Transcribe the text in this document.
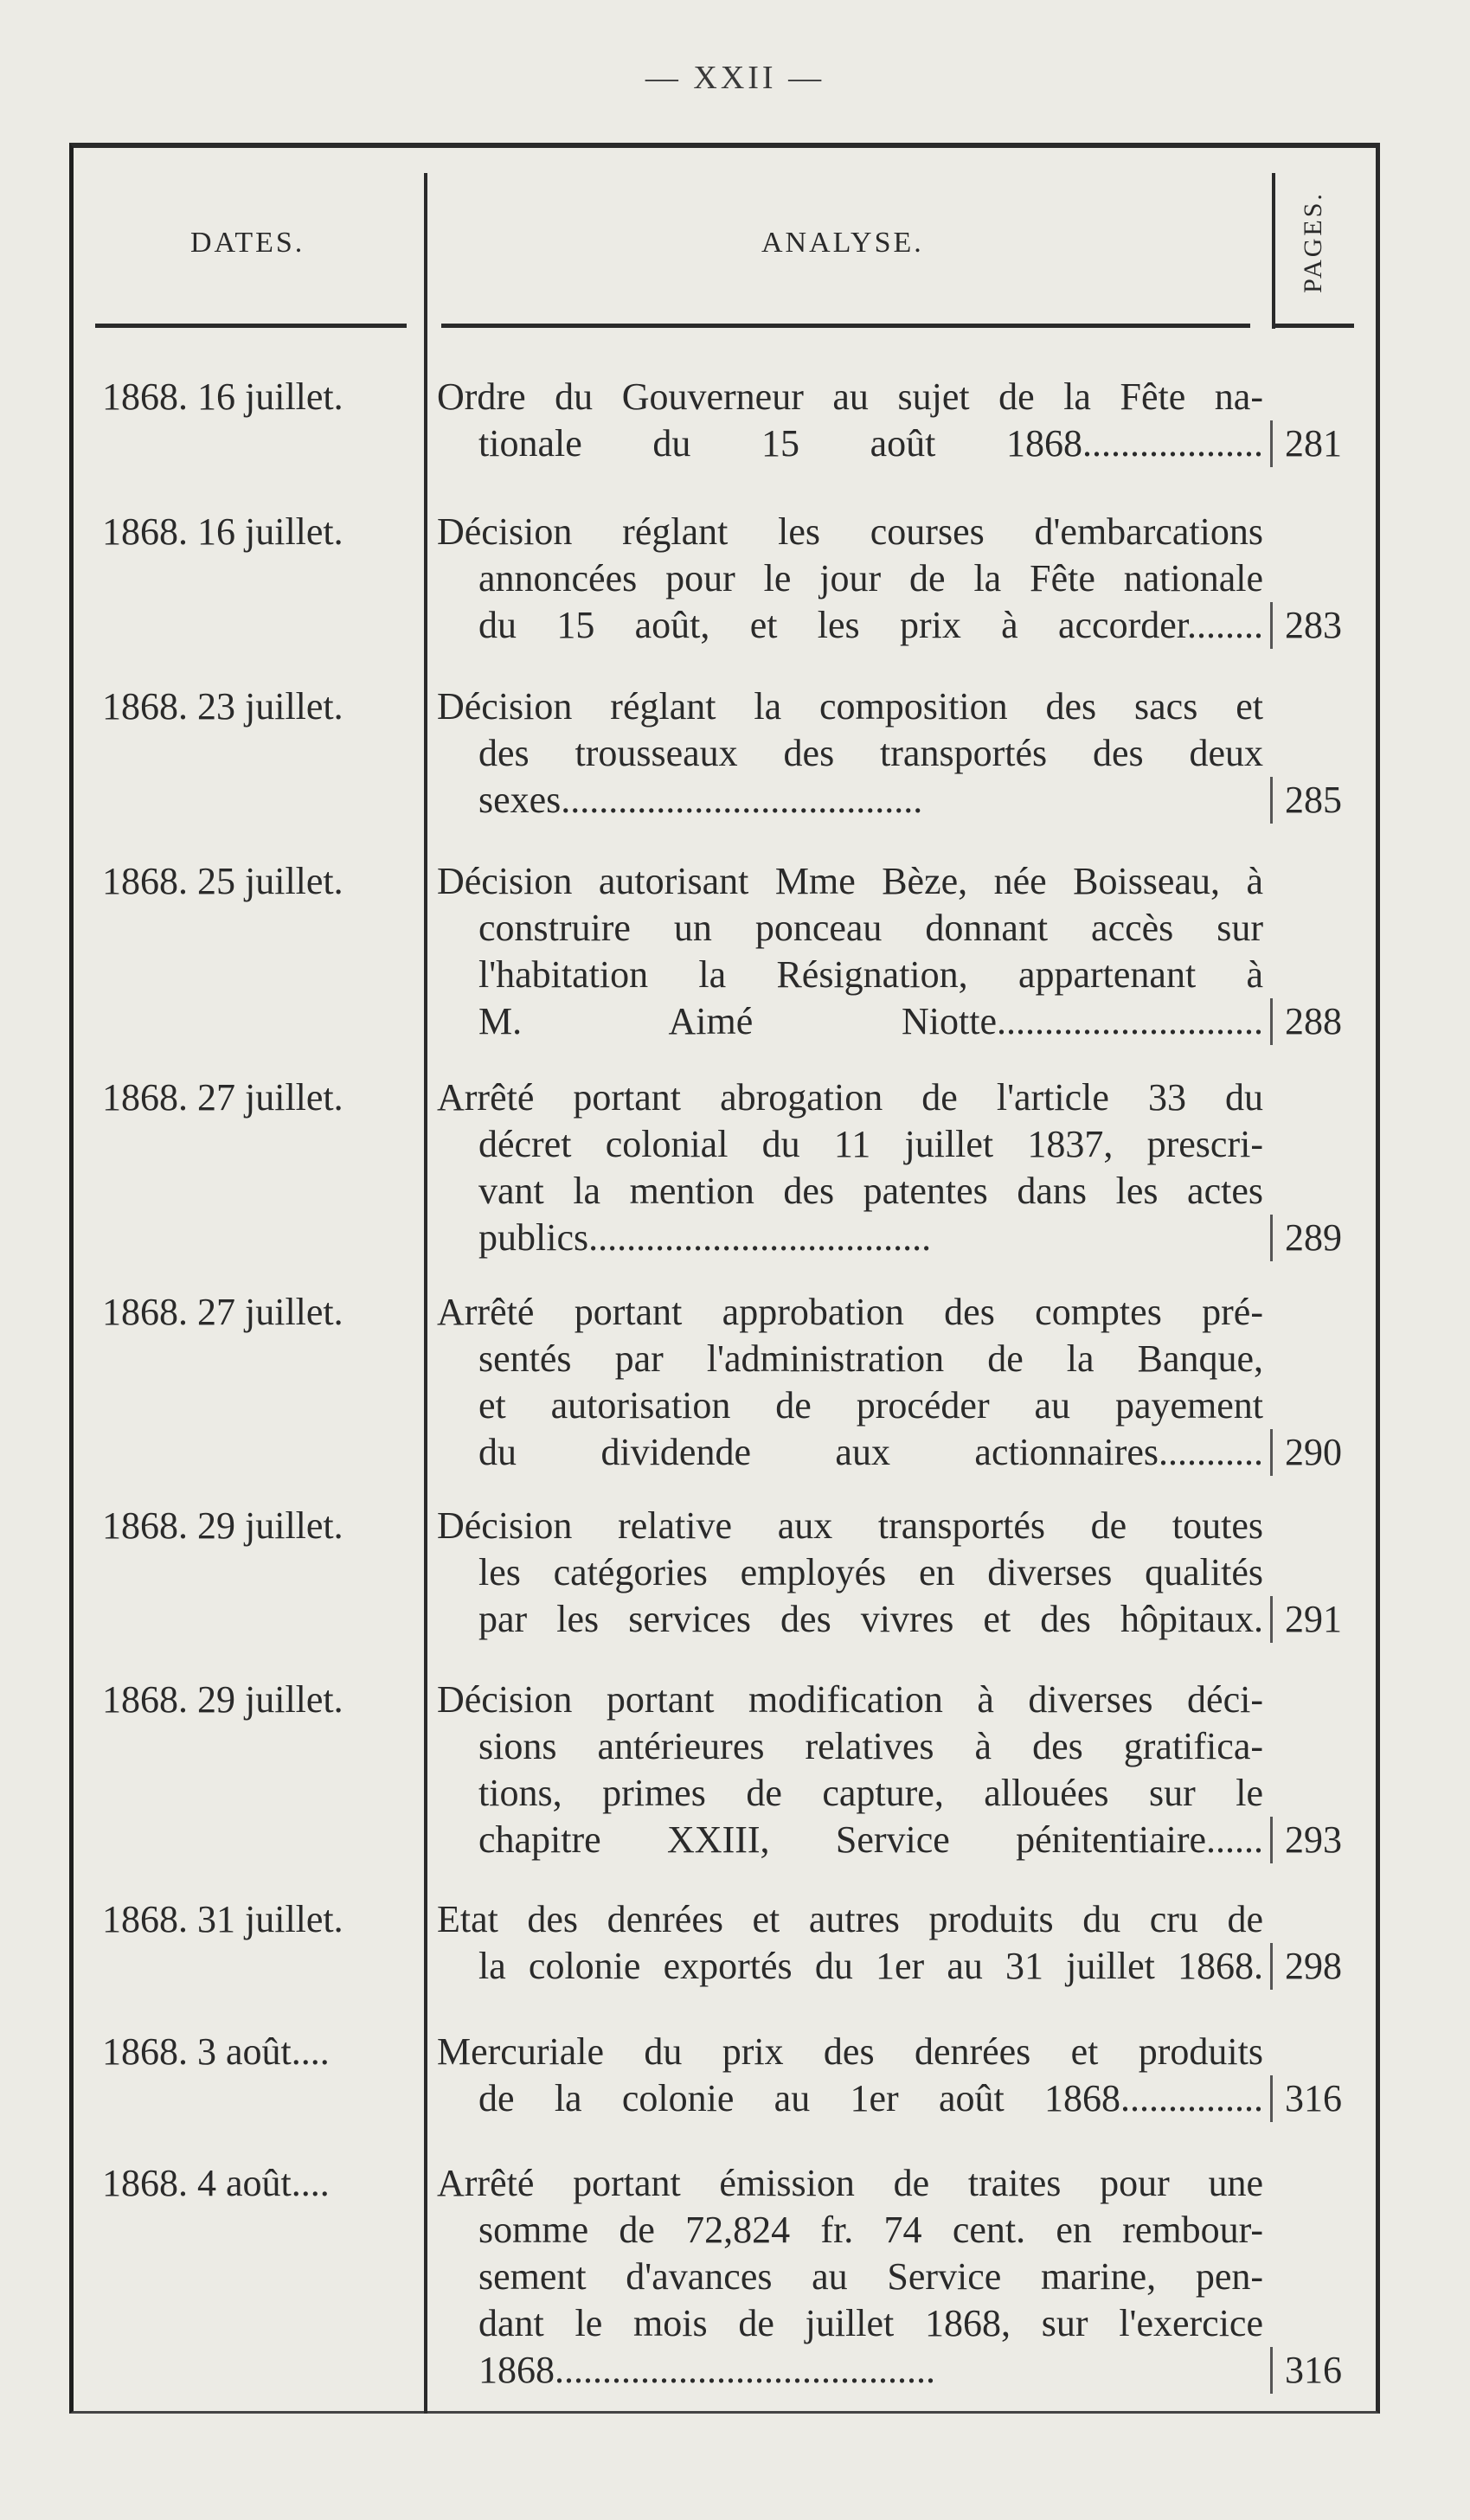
— XXII —
DATES.	ANALYSE.	PAGES.
1868. 16 juillet.	Ordre du Gouverneur au sujet de la Fête na-
tionale du 15 août 1868................... 281
1868. 16 juillet.	Décision réglant les courses d'embarcations
annoncées pour le jour de la Fête nationale
du 15 août, et les prix à accorder........ 283
1868. 23 juillet.	Décision réglant la composition des sacs et
des trousseaux des transportés des deux
sexes......................................	285
1868. 25 juillet.	Décision autorisant Mme Bèze, née Boisseau, à
construire un ponceau donnant accès sur
l'habitation la Résignation, appartenant à
M. Aimé Niotte............................ 288
1868. 27 juillet.	Arrêté portant abrogation de l'article 33 du
décret colonial du 11 juillet 1837, prescri-
vant la mention des patentes dans les actes
publics....................................	289
1868. 27 juillet.	Arrêté portant approbation des comptes pré-
sentés par l'administration de la Banque,
et autorisation de procéder au payement
du dividende aux actionnaires........... 290
1868. 29 juillet.	Décision relative aux transportés de toutes
les catégories employés en diverses qualités
par les services des vivres et des hôpitaux. 291
1868. 29 juillet.	Décision portant modification à diverses déci-
sions antérieures relatives à des gratifica-
tions, primes de capture, allouées sur le
chapitre XXIII, Service pénitentiaire...... 293
1868. 31 juillet.	Etat des denrées et autres produits du cru de
la colonie exportés du 1er au 31 juillet 1868. 298
1868. 3 août....	Mercuriale du prix des denrées et produits
de la colonie au 1er août 1868............... 316
1868. 4 août....	Arrêté portant émission de traites pour une
somme de 72,824 fr. 74 cent. en rembour-
sement d'avances au Service marine, pen-
dant le mois de juillet 1868, sur l'exercice
1868........................................	316
